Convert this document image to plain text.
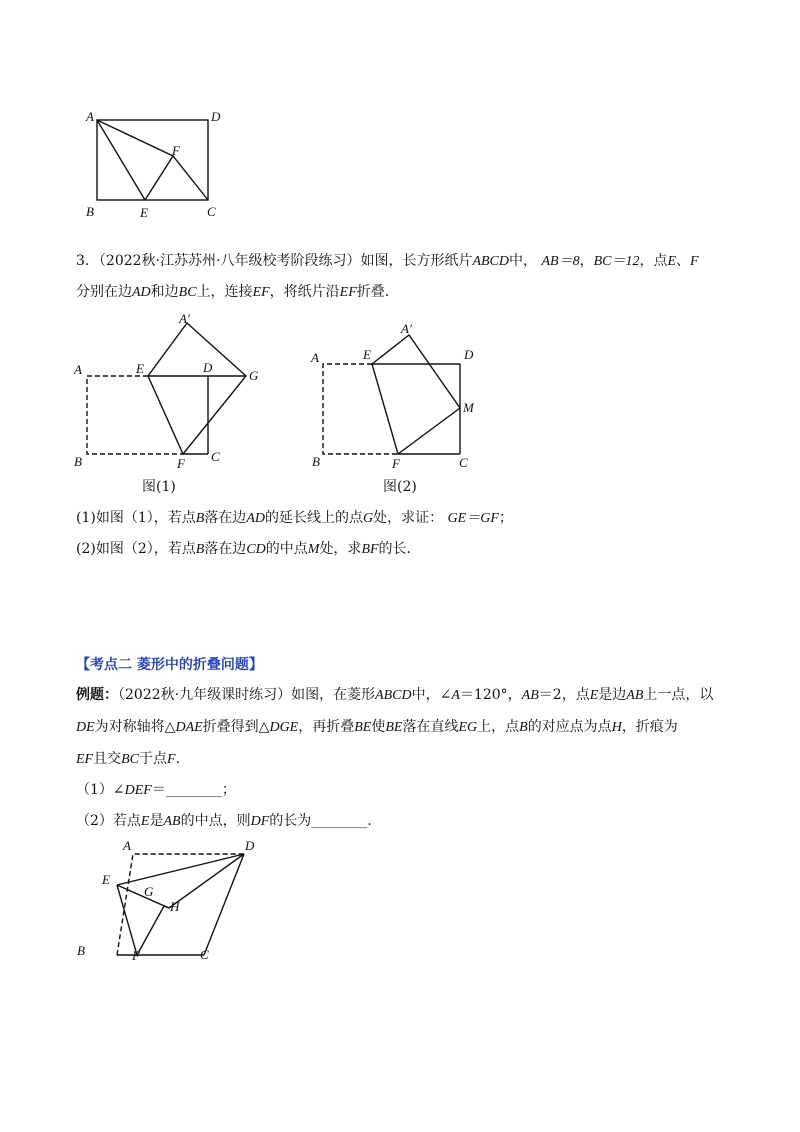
A	D
F
B	E	C
3．（2022秋·江苏苏州·八年级校考阶段练习）如图，长方形纸片ABCD中， AB＝8，BC＝12，点E、F
分别在边AD和边BC上，连接EF，将纸片沿EF折叠.
A′
A	E	D
G
B	F C
图(1)
A′
A	E	D
M
B	F	C
图(2)
(1)如图（1），若点B落在边AD的延长线上的点G处，求证： GE＝GF；
(2)如图（2），若点B落在边CD的中点M处，求BF的长.
【考点二 菱形中的折叠问题】
例题：（2022秋·九年级课时练习）如图，在菱形ABCD中，∠A＝120°，AB＝2，点E是边AB上一点，以
DE为对称轴将△DAE折叠得到△DGE，再折叠BE使BE落在直线EG上，点B的对应点为点H，折痕为
EF且交BC于点F.
（1）∠DEF＝________；
（2）若点E是AB的中点，则DF的长为________.
A	D
E
G
H
B	F	C
